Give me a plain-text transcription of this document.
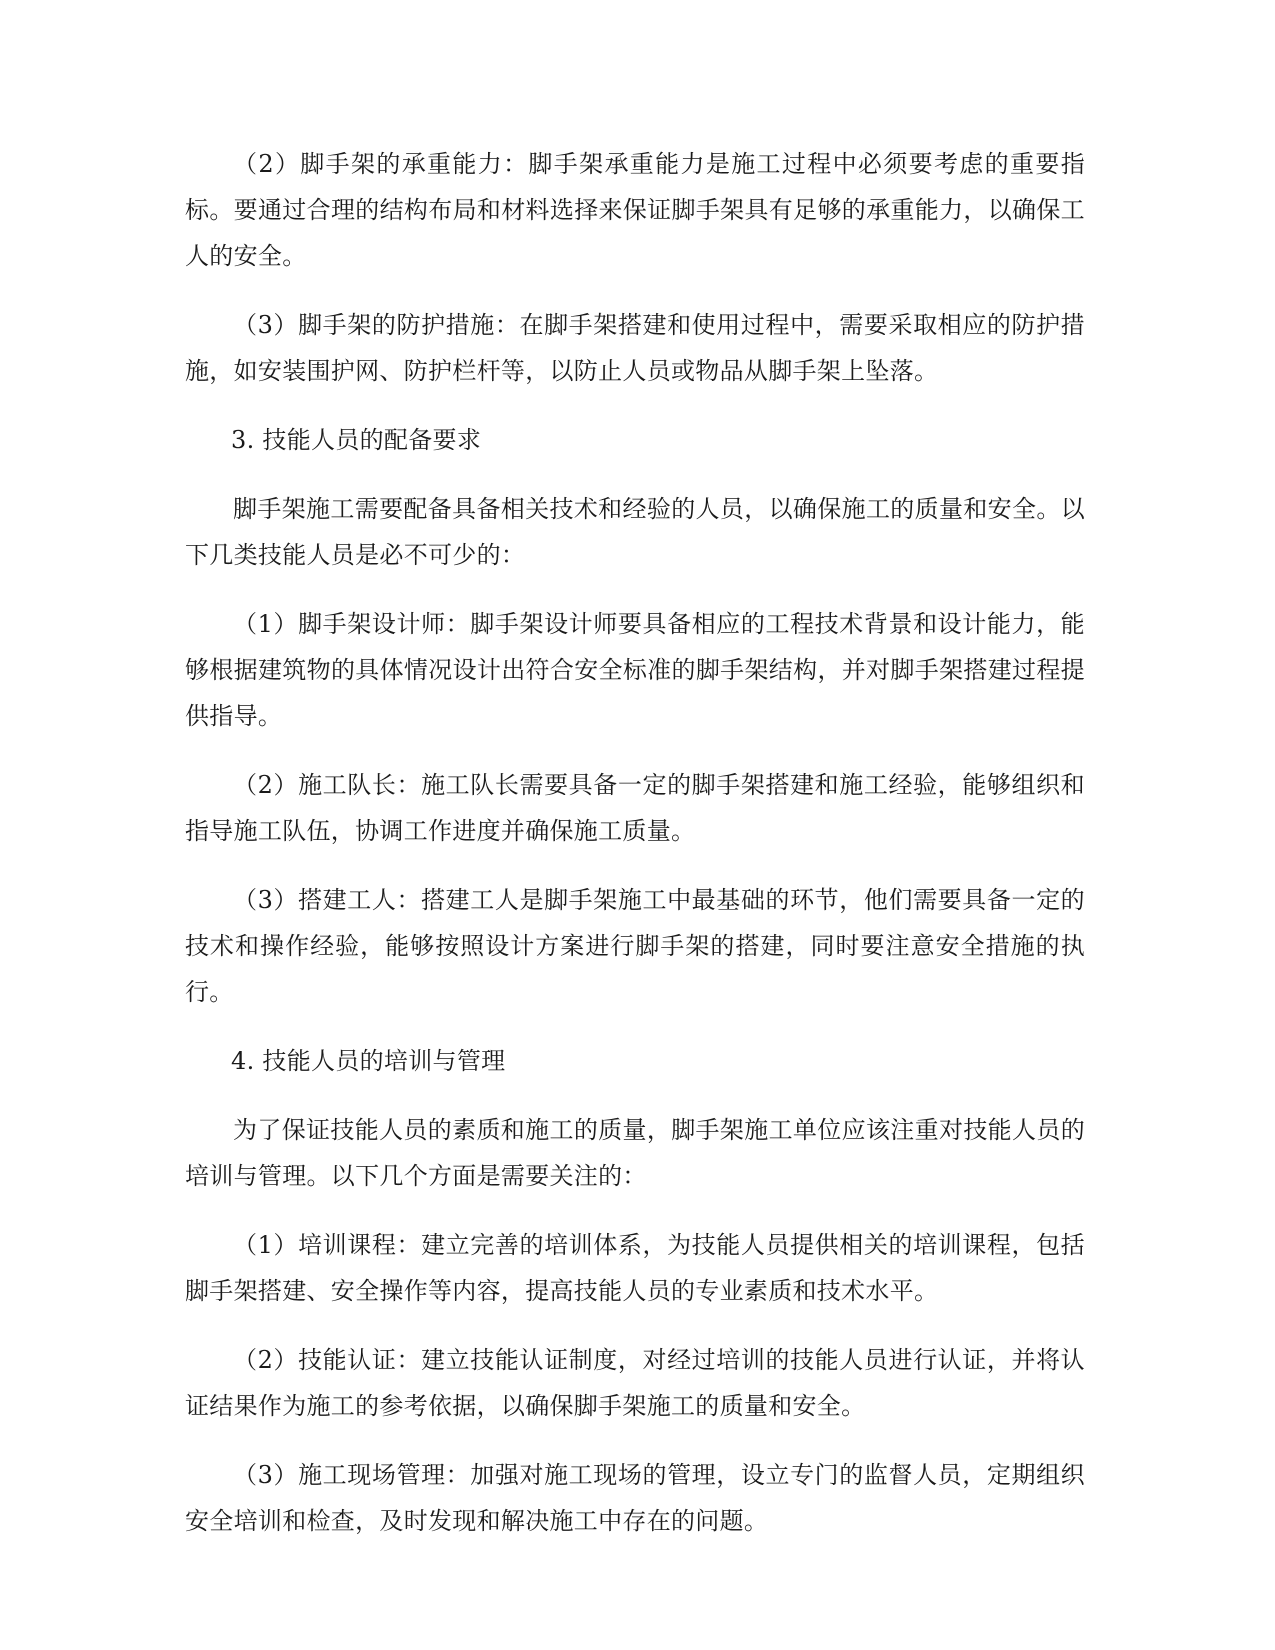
（2）脚手架的承重能力：脚手架承重能力是施工过程中必须要考虑的重要指标。要通过合理的结构布局和材料选择来保证脚手架具有足够的承重能力，以确保工人的安全。

（3）脚手架的防护措施：在脚手架搭建和使用过程中，需要采取相应的防护措施，如安装围护网、防护栏杆等，以防止人员或物品从脚手架上坠落。

3. 技能人员的配备要求

脚手架施工需要配备具备相关技术和经验的人员，以确保施工的质量和安全。以下几类技能人员是必不可少的：

（1）脚手架设计师：脚手架设计师要具备相应的工程技术背景和设计能力，能够根据建筑物的具体情况设计出符合安全标准的脚手架结构，并对脚手架搭建过程提供指导。

（2）施工队长：施工队长需要具备一定的脚手架搭建和施工经验，能够组织和指导施工队伍，协调工作进度并确保施工质量。

（3）搭建工人：搭建工人是脚手架施工中最基础的环节，他们需要具备一定的技术和操作经验，能够按照设计方案进行脚手架的搭建，同时要注意安全措施的执行。

4. 技能人员的培训与管理

为了保证技能人员的素质和施工的质量，脚手架施工单位应该注重对技能人员的培训与管理。以下几个方面是需要关注的：

（1）培训课程：建立完善的培训体系，为技能人员提供相关的培训课程，包括脚手架搭建、安全操作等内容，提高技能人员的专业素质和技术水平。

（2）技能认证：建立技能认证制度，对经过培训的技能人员进行认证，并将认证结果作为施工的参考依据，以确保脚手架施工的质量和安全。

（3）施工现场管理：加强对施工现场的管理，设立专门的监督人员，定期组织安全培训和检查，及时发现和解决施工中存在的问题。
